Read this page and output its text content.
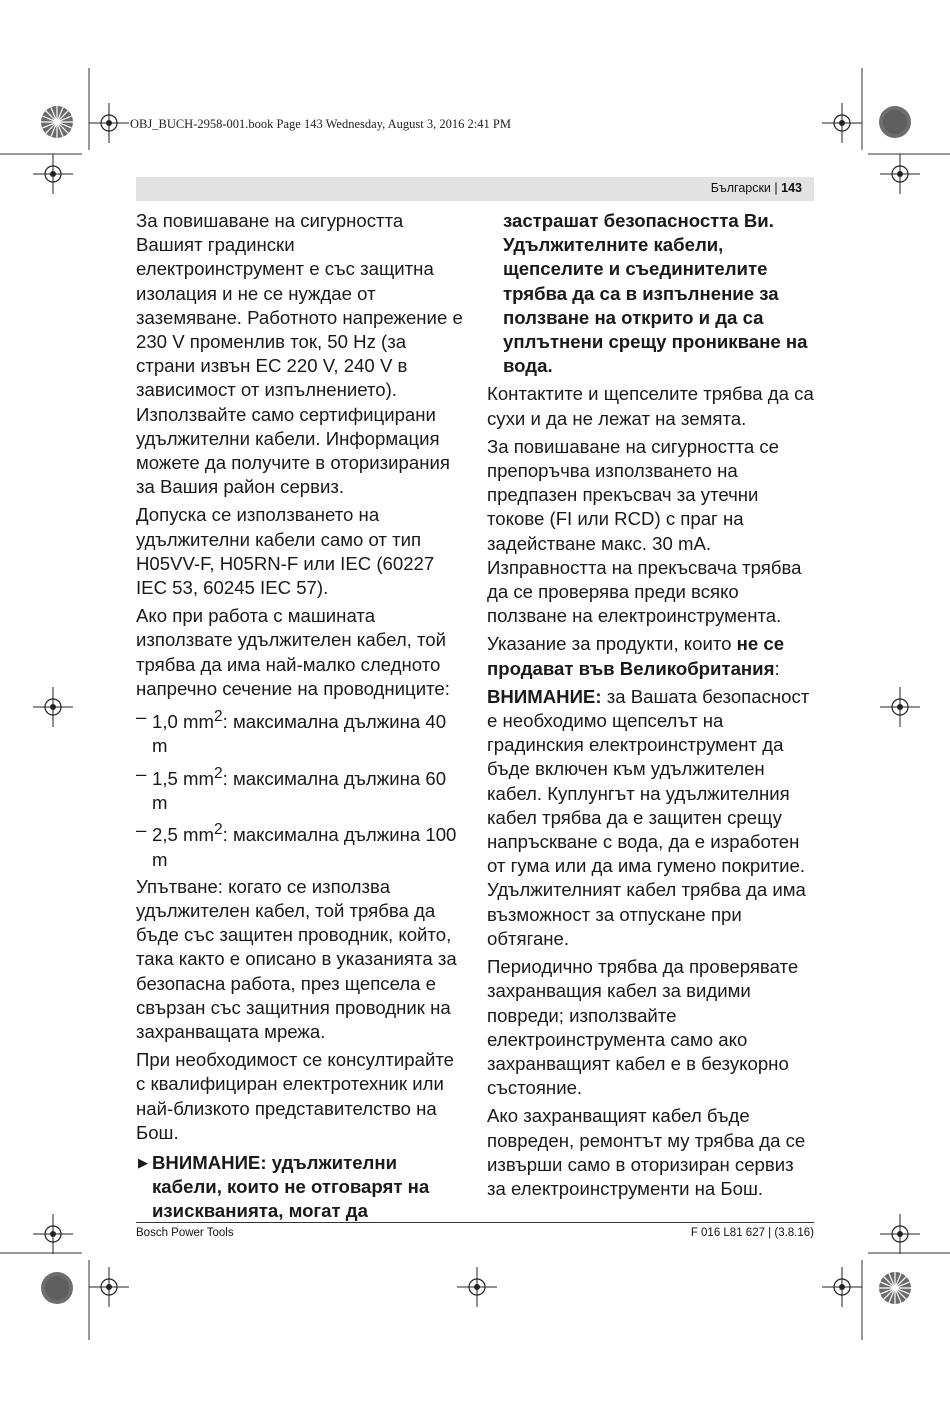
OBJ_BUCH-2958-001.book Page 143 Wednesday, August 3, 2016 2:41 PM
Български | 143

За повишаване на сигурността Вашият градински електроинструмент е със защитна изолация и не се нуждае от заземяване. Работното напрежение е 230 V променлив ток, 50 Hz (за страни извън ЕС 220 V, 240 V в зависимост от изпълнението). Използвайте само сертифицирани удължителни кабели. Информация можете да получите в оторизирания за Вашия район сервиз.

Допуска се използването на удължителни кабели само от тип H05VV-F, H05RN-F или IEC (60227 IEC 53, 60245 IEC 57).

Ако при работа с машината използвате удължителен кабел, той трябва да има най-малко следното напречно сечение на проводниците:

– 1,0 $mm^2$: максимална дължина 40 m
– 1,5 $mm^2$: максимална дължина 60 m
– 2,5 $mm^2$: максимална дължина 100 m

Упътване: когато се използва удължителен кабел, той трябва да бъде със защитен проводник, който, така както е описано в указанията за безопасна работа, през щепсела е свързан със защитния проводник на захранващата мрежа.

При необходимост се консултирайте с квалифициран електротехник или най-близкото представителство на Бош.

▶ ВНИМАНИЕ: удължителни кабели, които не отговарят на изискванията, могат да

застрашат безопасността Ви. Удължителните кабели, щепселите и съединителите трябва да са в изпълнение за ползване на открито и да са уплътнени срещу проникване на вода.

Контактите и щепселите трябва да са сухи и да не лежат на земята.

За повишаване на сигурността се препоръчва използването на предпазен прекъсвач за утечни токове (FI или RCD) с праг на задействане макс. 30 mA. Изправността на прекъсвача трябва да се проверява преди всяко ползване на електроинструмента.

Указание за продукти, които не се продават във Великобритания:

ВНИМАНИЕ: за Вашата безопасност е необходимо щепселът на градинския електроинструмент да бъде включен към удължителен кабел. Куплунгът на удължителния кабел трябва да е защитен срещу напръскване с вода, да е изработен от гума или да има гумено покритие. Удължителният кабел трябва да има възможност за отпускане при обтягане.

Периодично трябва да проверявате захранващия кабел за видими повреди; използвайте електроинструмента само ако захранващият кабел е в безукорно състояние.

Ако захранващият кабел бъде повреден, ремонтът му трябва да се извърши само в оторизиран сервиз за електроинструменти на Бош.

Bosch Power Tools	F 016 L81 627 | (3.8.16)
